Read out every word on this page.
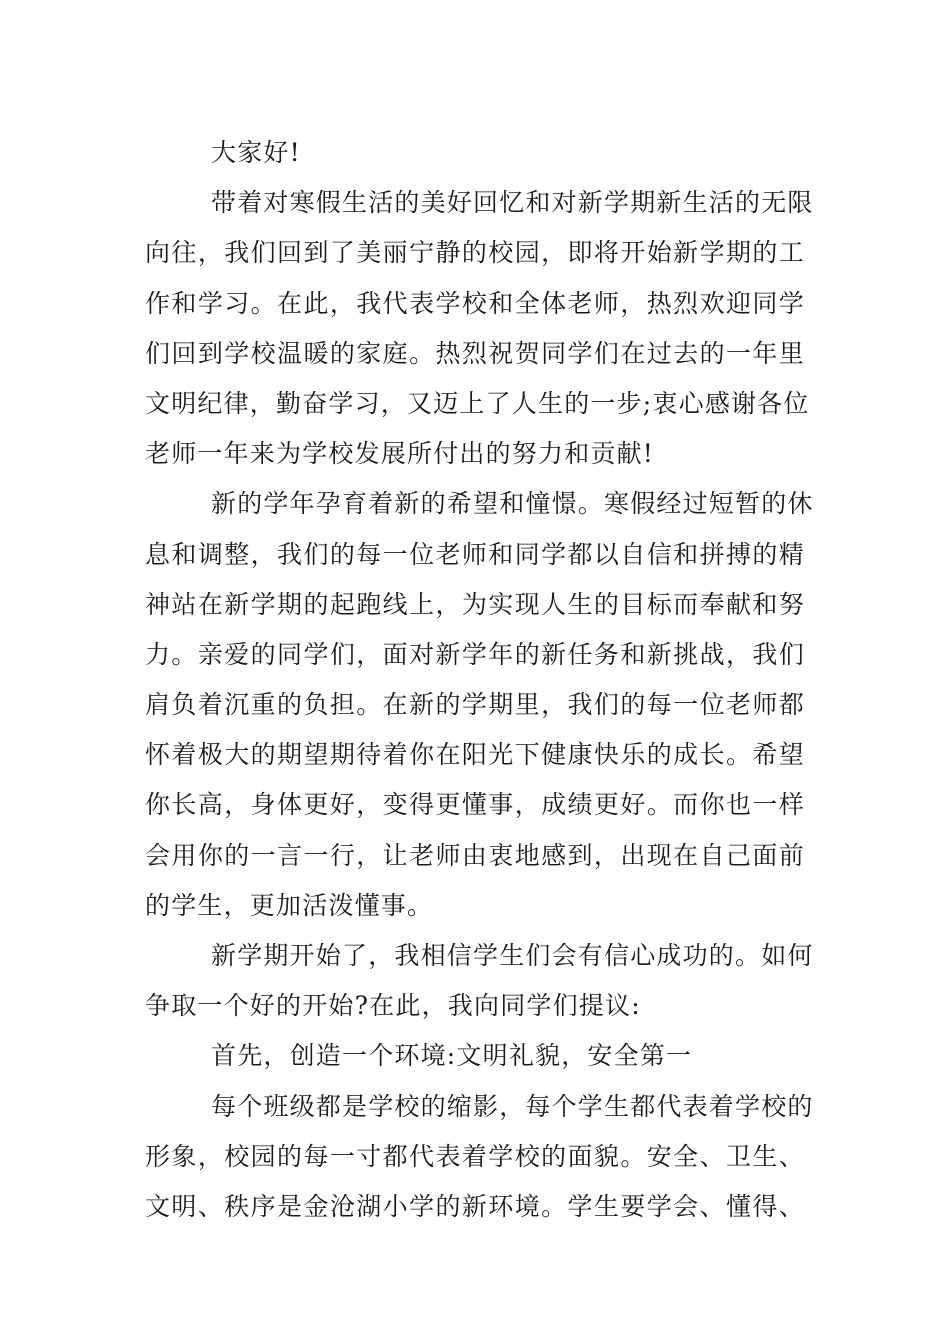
大家好!
带着对寒假生活的美好回忆和对新学期新生活的无限
向往，我们回到了美丽宁静的校园，即将开始新学期的工
作和学习。在此，我代表学校和全体老师，热烈欢迎同学
们回到学校温暖的家庭。热烈祝贺同学们在过去的一年里
文明纪律，勤奋学习，又迈上了人生的一步;衷心感谢各位
老师一年来为学校发展所付出的努力和贡献!
新的学年孕育着新的希望和憧憬。寒假经过短暂的休
息和调整，我们的每一位老师和同学都以自信和拼搏的精
神站在新学期的起跑线上，为实现人生的目标而奉献和努
力。亲爱的同学们，面对新学年的新任务和新挑战，我们
肩负着沉重的负担。在新的学期里，我们的每一位老师都
怀着极大的期望期待着你在阳光下健康快乐的成长。希望
你长高，身体更好，变得更懂事，成绩更好。而你也一样
会用你的一言一行，让老师由衷地感到，出现在自己面前
的学生，更加活泼懂事。
新学期开始了，我相信学生们会有信心成功的。如何
争取一个好的开始?在此，我向同学们提议:
首先，创造一个环境:文明礼貌，安全第一
每个班级都是学校的缩影，每个学生都代表着学校的
形象，校园的每一寸都代表着学校的面貌。安全、卫生、
文明、秩序是金沧湖小学的新环境。学生要学会、懂得、
